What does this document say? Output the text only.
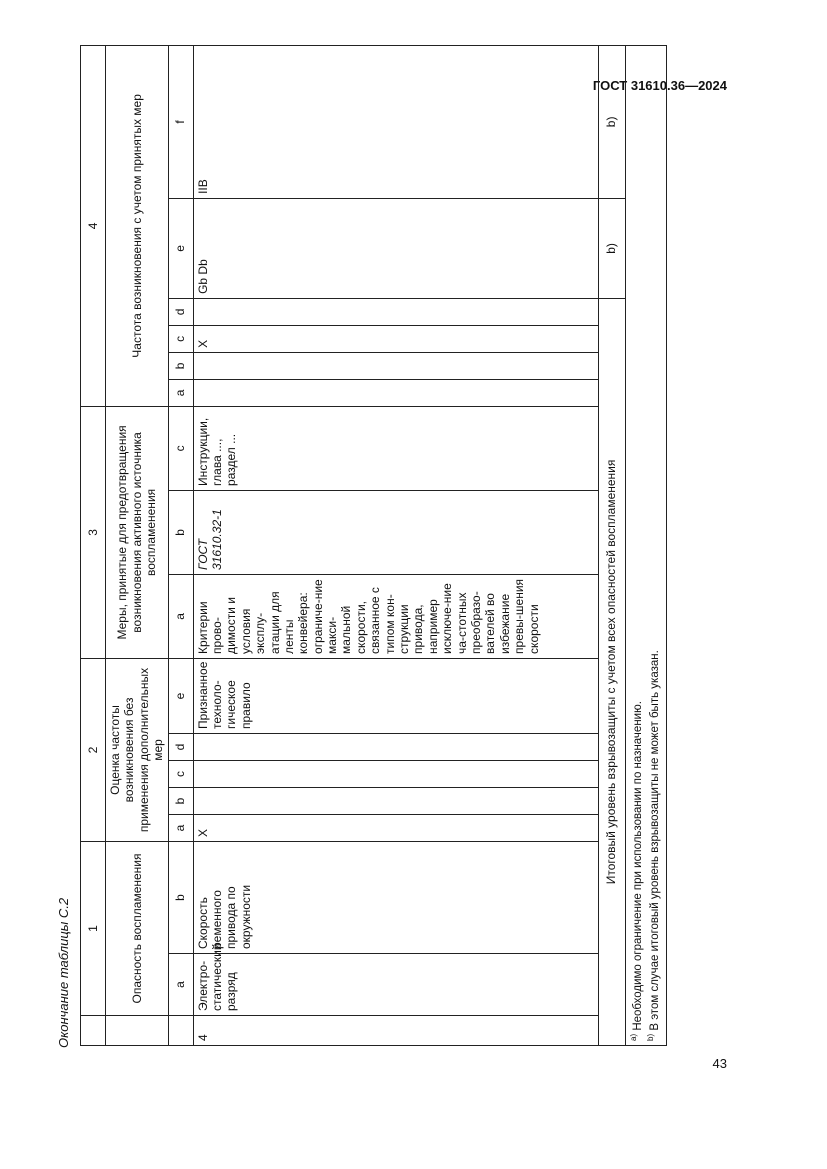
ГОСТ 31610.36—2024
43
Окончание таблицы С.2
	1		2					3			4					
	Опасность воспламенения		Оценка частоты возникновения без применения дополнительных мер					Меры, принятые для предотвращения возникновения активного источника воспламенения			Частота возникновения с учетом принятых мер					
	a	b	a	b	c	d	e	a	b	c	a	b	c	d	e	f
4	Электро-статический разряд	Скорость ременного привода по окружности	X				Признанное техноло-гическое правило	Критерии прово-димости и условия эксплу-атации для ленты конвейера: ограниче-ние макси-мальной скорости, связанное с типом кон-струкции привода, например исключе-ние ча-стотных преобразо-вателей во избежание превы-шения скорости	ГОСТ 31610.32-1	Инструкции, глава ..., раздел ...			X		Gb Db	IIB
Итоговый уровень взрывозащиты с учетом всех опасностей воспламенения															b)	b)

$^{a)}$ Необходимо ограничение при использовании по назначению.
$^{b)}$ В этом случае итоговый уровень взрывозащиты не может быть указан.																
